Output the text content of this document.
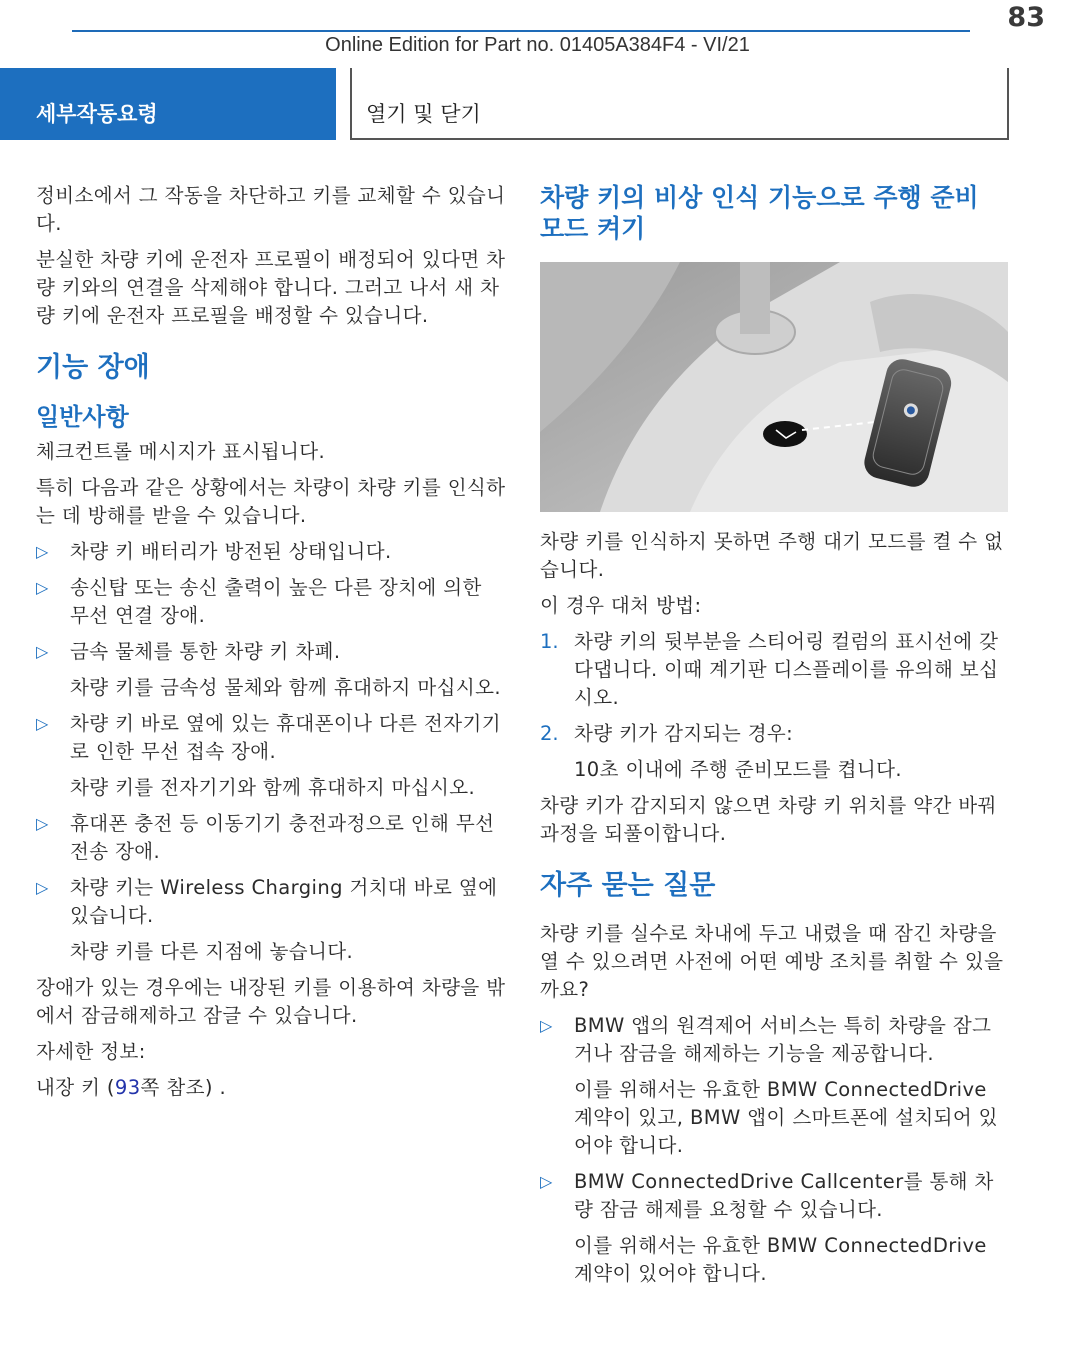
83
Online Edition for Part no. 01405A384F4 - VI/21
세부작동요령	열기 및 닫기

정비소에서 그 작동을 차단하고 키를 교체할 수 있습니다.

분실한 차량 키에 운전자 프로필이 배정되어 있다면 차량 키와의 연결을 삭제해야 합니다. 그러고 나서 새 차량 키에 운전자 프로필을 배정할 수 있습니다.

기능 장애
일반사항

체크컨트롤 메시지가 표시됩니다.

특히 다음과 같은 상황에서는 차량이 차량 키를 인식하는 데 방해를 받을 수 있습니다.

▷ 차량 키 배터리가 방전된 상태입니다.

▷ 송신탑 또는 송신 출력이 높은 다른 장치에 의한 무선 연결 장애.

▷ 금속 물체를 통한 차량 키 차폐.

차량 키를 금속성 물체와 함께 휴대하지 마십시오.

▷ 차량 키 바로 옆에 있는 휴대폰이나 다른 전자기기로 인한 무선 접속 장애.

차량 키를 전자기기와 함께 휴대하지 마십시오.

▷ 휴대폰 충전 등 이동기기 충전과정으로 인해 무선전송 장애.

▷ 차량 키는 Wireless Charging 거치대 바로 옆에 있습니다.

차량 키를 다른 지점에 놓습니다.

장애가 있는 경우에는 내장된 키를 이용하여 차량을 밖에서 잠금해제하고 잠글 수 있습니다.

자세한 정보:

내장 키 (93쪽 참조) .

차량 키의 비상 인식 기능으로 주행 준비 모드 켜기

차량 키를 인식하지 못하면 주행 대기 모드를 켤 수 없습니다.

이 경우 대처 방법:

1. 차량 키의 뒷부분을 스티어링 컬럼의 표시선에 갖다댑니다. 이때 계기판 디스플레이를 유의해 보십시오.

2. 차량 키가 감지되는 경우:

10초 이내에 주행 준비모드를 켭니다.

차량 키가 감지되지 않으면 차량 키 위치를 약간 바꿔 과정을 되풀이합니다.

자주 묻는 질문

차량 키를 실수로 차내에 두고 내렸을 때 잠긴 차량을 열 수 있으려면 사전에 어떤 예방 조치를 취할 수 있을까요?

▷ BMW 앱의 원격제어 서비스는 특히 차량을 잠그거나 잠금을 해제하는 기능을 제공합니다.

이를 위해서는 유효한 BMW ConnectedDrive 계약이 있고, BMW 앱이 스마트폰에 설치되어 있어야 합니다.

▷ BMW ConnectedDrive Callcenter를 통해 차량 잠금 해제를 요청할 수 있습니다.

이를 위해서는 유효한 BMW ConnectedDrive 계약이 있어야 합니다.
